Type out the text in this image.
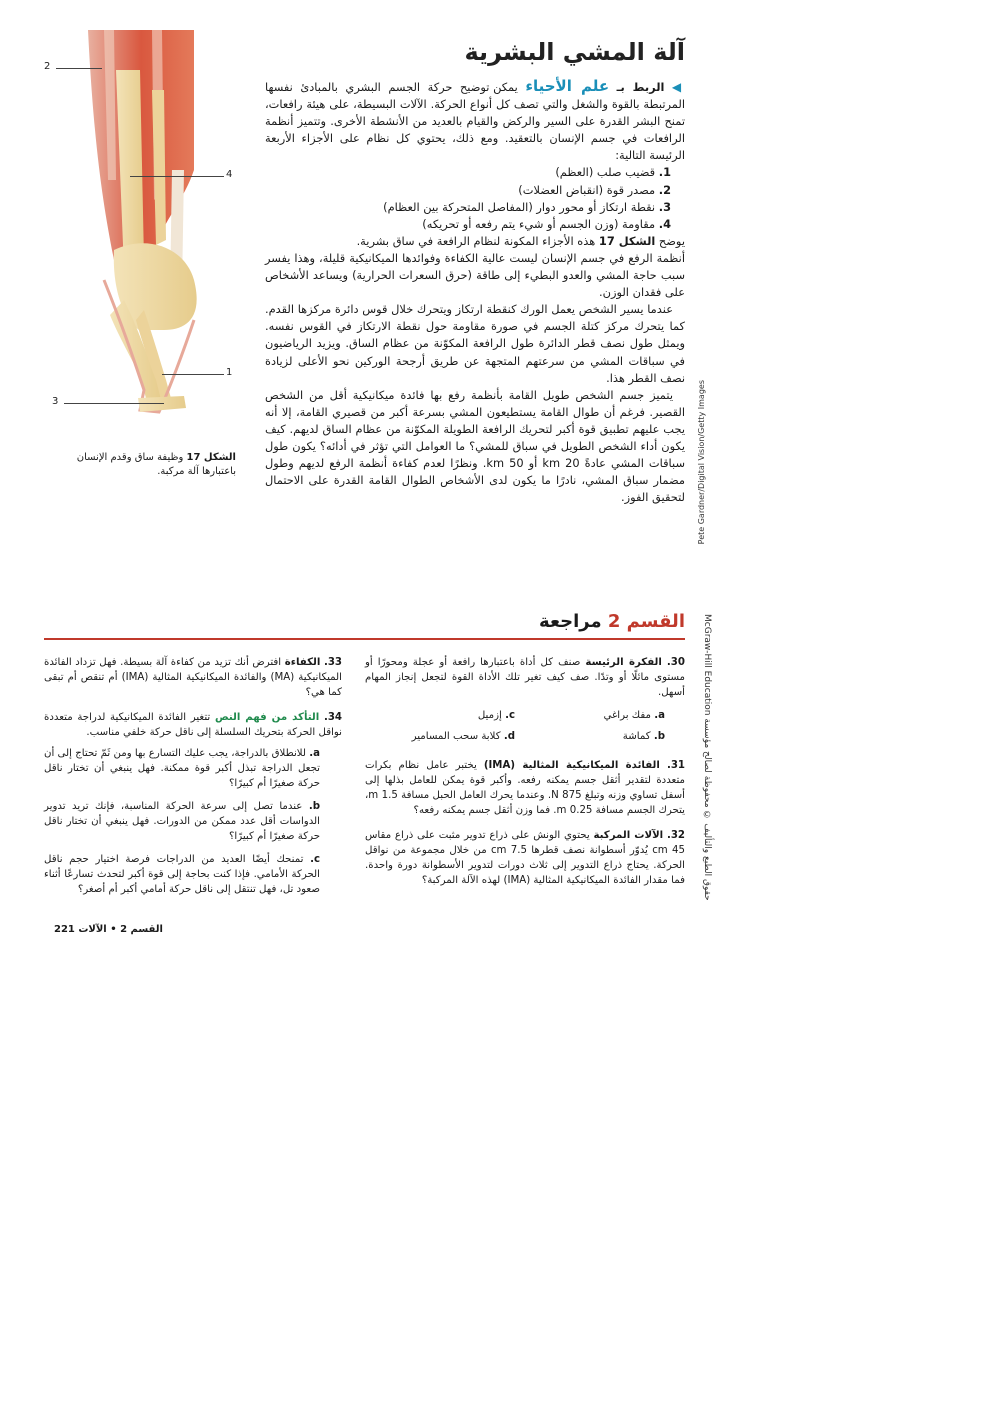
آلة المشي البشرية

◀ الربط بـ علم الأحياء يمكن توضيح حركة الجسم البشري بالمبادئ نفسها المرتبطة بالقوة والشغل والتي تصف كل أنواع الحركة. الآلات البسيطة، على هيئة رافعات، تمنح البشر القدرة على السير والركض والقيام بالعديد من الأنشطة الأخرى. وتتميز أنظمة الرافعات في جسم الإنسان بالتعقيد. ومع ذلك، يحتوي كل نظام على الأجزاء الأربعة الرئيسة التالية:

1. قضيب صلب (العظم)
2. مصدر قوة (انقباض العضلات)
3. نقطة ارتكاز أو محور دوار (المفاصل المتحركة بين العظام)
4. مقاومة (وزن الجسم أو شيء يتم رفعه أو تحريكه)

يوضح الشكل 17 هذه الأجزاء المكونة لنظام الرافعة في ساق بشرية.

أنظمة الرفع في جسم الإنسان ليست عالية الكفاءة وفوائدها الميكانيكية قليلة، وهذا يفسر سبب حاجة المشي والعدو البطيء إلى طاقة (حرق السعرات الحرارية) ويساعد الأشخاص على فقدان الوزن.

عندما يسير الشخص يعمل الورك كنقطة ارتكاز ويتحرك خلال قوس دائرة مركزها القدم. كما يتحرك مركز كتلة الجسم في صورة مقاومة حول نقطة الارتكاز في القوس نفسه. ويمثل طول نصف قطر الدائرة طول الرافعة المكوّنة من عظام الساق. ويزيد الرياضيون في سباقات المشي من سرعتهم المتجهة عن طريق أرجحة الوركين نحو الأعلى لزيادة نصف القطر هذا.

يتميز جسم الشخص طويل القامة بأنظمة رفع بها فائدة ميكانيكية أقل من الشخص القصير. فرغم أن طوال القامة يستطيعون المشي بسرعة أكبر من قصيري القامة، إلا أنه يجب عليهم تطبيق قوة أكبر لتحريك الرافعة الطويلة المكوّنة من عظام الساق لديهم. كيف يكون أداء الشخص الطويل في سباق للمشي؟ ما العوامل التي تؤثر في أدائه؟ يكون طول سباقات المشي عادةً 20 km أو 50 km. ونظرًا لعدم كفاءة أنظمة الرفع لديهم وطول مضمار سباق المشي، نادرًا ما يكون لدى الأشخاص الطوال القامة القدرة على الاحتمال لتحقيق الفوز.

2
4
1
3
الشكل 17 وظيفة ساق وقدم الإنسان باعتبارها آلة مركبة.	Pete Gardner/Digital Vision/Getty Images
حقوق الطبع والتأليف © محفوظة لصالح مؤسسة McGraw-Hill Education
القسم 2 مراجعة
30. الفكرة الرئيسة صنف كل أداة باعتبارها رافعة أو عجلة ومحورًا أو مستوى مائلًا أو وتدًا. صف كيف تغير تلك الأداة القوة لتجعل إنجاز المهام أسهل.
a. مفك براغي
c. إزميل
b. كماشة
d. كلابة سحب المسامير
31. الفائدة الميكانيكية المثالية (IMA) يختبر عامل نظام بكرات متعددة لتقدير أثقل جسم يمكنه رفعه. وأكبر قوة يمكن للعامل بذلها إلى أسفل تساوي وزنه وتبلغ 875 N. وعندما يحرك العامل الحبل مسافة 1.5 m، يتحرك الجسم مسافة 0.25 m. فما وزن أثقل جسم يمكنه رفعه؟
32. الآلات المركبة يحتوي الونش على ذراع تدوير مثبت على ذراع مقاس 45 cm يُدوّر أسطوانة نصف قطرها 7.5 cm من خلال مجموعة من نواقل الحركة. يحتاج ذراع التدوير إلى ثلاث دورات لتدوير الأسطوانة دورة واحدة. فما مقدار الفائدة الميكانيكية المثالية (IMA) لهذه الآلة المركبة؟
33. الكفاءة افترض أنك تزيد من كفاءة آلة بسيطة. فهل تزداد الفائدة الميكانيكية (MA) والفائدة الميكانيكية المثالية (IMA) أم تنقص أم تبقى كما هي؟
34. التأكد من فهم النص تتغير الفائدة الميكانيكية لدراجة متعددة نواقل الحركة بتحريك السلسلة إلى ناقل حركة خلفي مناسب.
a. للانطلاق بالدراجة، يجب عليك التسارع بها ومن ثَمّ تحتاج إلى أن تجعل الدراجة تبذل أكبر قوة ممكنة. فهل ينبغي أن تختار ناقل حركة صغيرًا أم كبيرًا؟
b. عندما تصل إلى سرعة الحركة المناسبة، فإنك تريد تدوير الدواسات أقل عدد ممكن من الدورات. فهل ينبغي أن تختار ناقل حركة صغيرًا أم كبيرًا؟
c. تمنحك أيضًا العديد من الدراجات فرصة اختيار حجم ناقل الحركة الأمامي. فإذا كنت بحاجة إلى قوة أكبر لتحدث تسارعًا أثناء صعود تل، فهل تنتقل إلى ناقل حركة أمامي أكبر أم أصغر؟
القسم 2 • الآلات 221
